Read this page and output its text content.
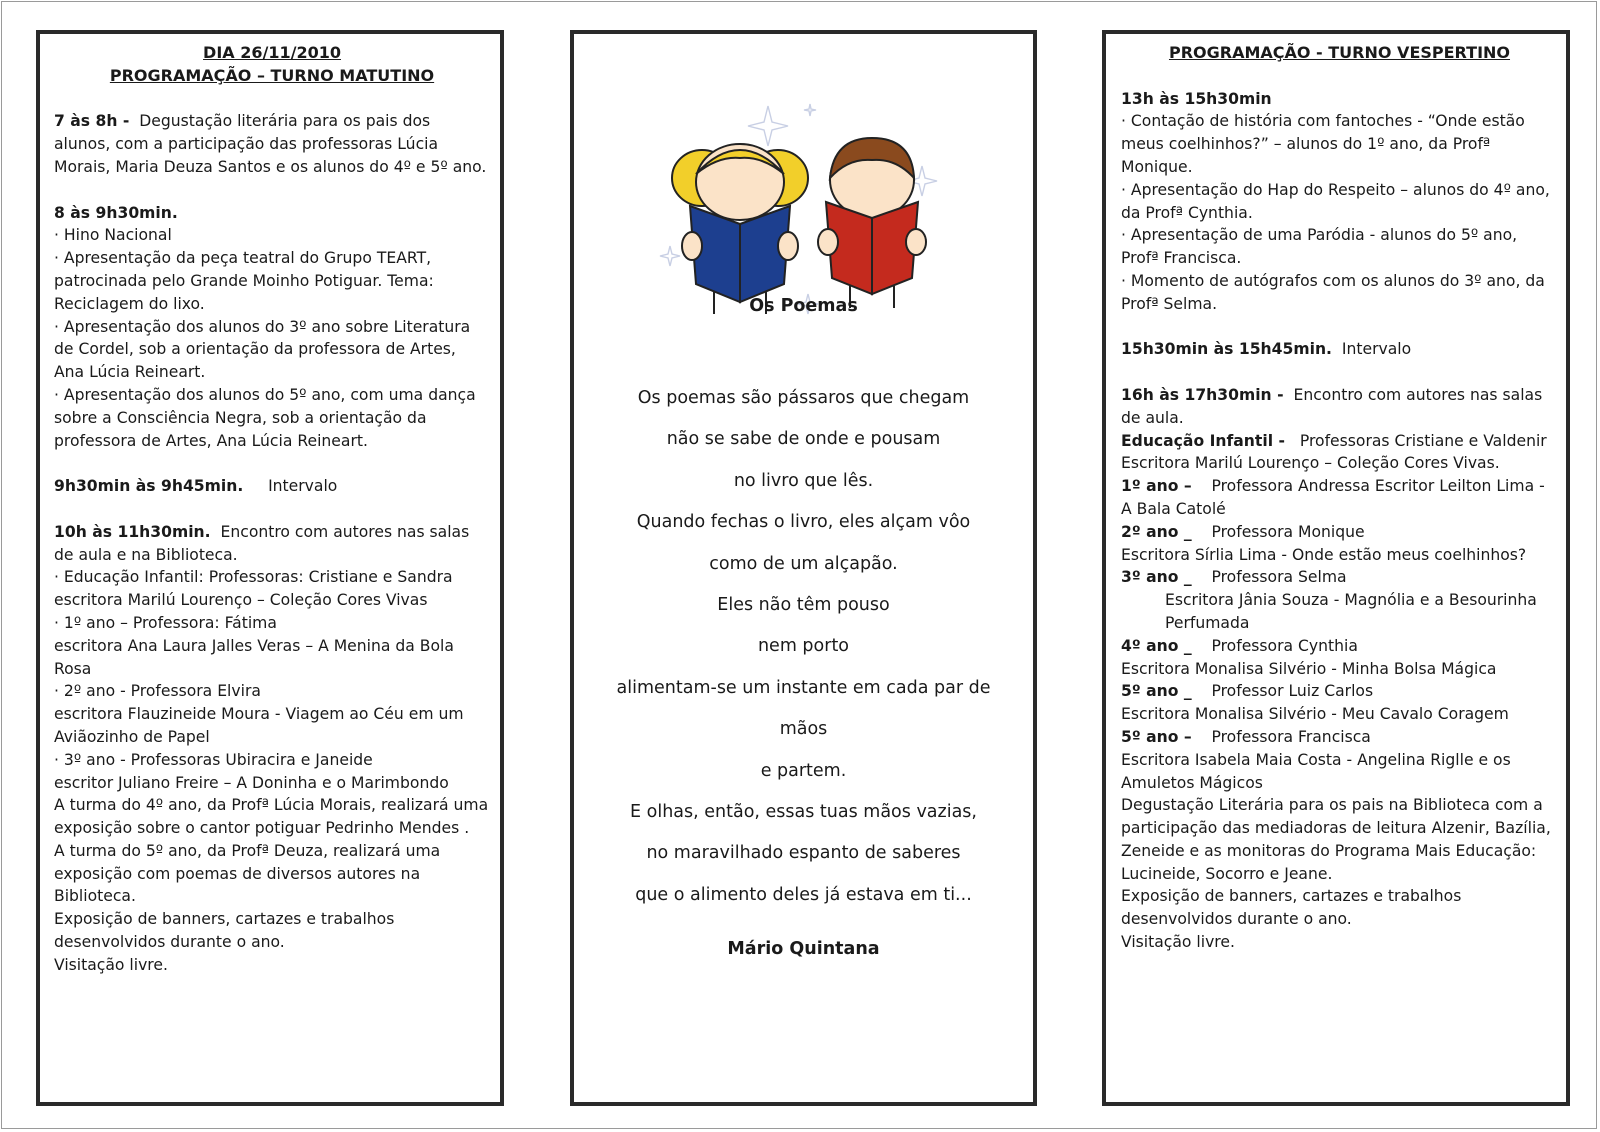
DIA 26/11/2010
PROGRAMAÇÃO – TURNO MATUTINO

7 às 8h - Degustação literária para os pais dos alunos, com a participação das professoras Lúcia Morais, Maria Deuza Santos e os alunos do 4º e 5º ano.

8 às 9h30min.

· Hino Nacional

· Apresentação da peça teatral do Grupo TEART, patrocinada pelo Grande Moinho Potiguar. Tema: Reciclagem do lixo.

· Apresentação dos alunos do 3º ano sobre Literatura de Cordel, sob a orientação da professora de Artes, Ana Lúcia Reineart.

· Apresentação dos alunos do 5º ano, com uma dança sobre a Consciência Negra, sob a orientação da professora de Artes, Ana Lúcia Reineart.

9h30min às 9h45min. Intervalo

10h às 11h30min. Encontro com autores nas salas de aula e na Biblioteca.

· Educação Infantil: Professoras: Cristiane e Sandra

escritora Marilú Lourenço – Coleção Cores Vivas

· 1º ano – Professora: Fátima

escritora Ana Laura Jalles Veras – A Menina da Bola Rosa

· 2º ano - Professora Elvira

escritora Flauzineide Moura - Viagem ao Céu em um Aviãozinho de Papel

· 3º ano - Professoras Ubiracira e Janeide

escritor Juliano Freire – A Doninha e o Marimbondo

A turma do 4º ano, da Profª Lúcia Morais, realizará uma exposição sobre o cantor potiguar Pedrinho Mendes .

A turma do 5º ano, da Profª Deuza, realizará uma exposição com poemas de diversos autores na Biblioteca.

Exposição de banners, cartazes e trabalhos desenvolvidos durante o ano.

Visitação livre.

Os Poemas

Os poemas são pássaros que chegam

não se sabe de onde e pousam

no livro que lês.

Quando fechas o livro, eles alçam vôo

como de um alçapão.

Eles não têm pouso

nem porto

alimentam-se um instante em cada par de

mãos

e partem.

E olhas, então, essas tuas mãos vazias,

no maravilhado espanto de saberes

que o alimento deles já estava em ti...

Mário Quintana
PROGRAMAÇÃO - TURNO VESPERTINO

13h às 15h30min

· Contação de história com fantoches - “Onde estão meus coelhinhos?” – alunos do 1º ano, da Profª Monique.

· Apresentação do Hap do Respeito – alunos do 4º ano, da Profª Cynthia.

· Apresentação de uma Paródia - alunos do 5º ano, Profª Francisca.

· Momento de autógrafos com os alunos do 3º ano, da Profª Selma.

15h30min às 15h45min. Intervalo

16h às 17h30min - Encontro com autores nas salas de aula.

Educação Infantil - Professoras Cristiane e Valdenir

Escritora Marilú Lourenço – Coleção Cores Vivas.

1º ano – Professora Andressa Escritor Leilton Lima - A Bala Catolé

2º ano _ Professora Monique

Escritora Sírlia Lima - Onde estão meus coelhinhos?

3º ano _ Professora Selma

Escritora Jânia Souza - Magnólia e a Besourinha Perfumada

4º ano _ Professora Cynthia

Escritora Monalisa Silvério - Minha Bolsa Mágica

5º ano _ Professor Luiz Carlos

Escritora Monalisa Silvério - Meu Cavalo Coragem

5º ano – Professora Francisca

Escritora Isabela Maia Costa - Angelina Riglle e os Amuletos Mágicos

Degustação Literária para os pais na Biblioteca com a participação das mediadoras de leitura Alzenir, Bazília, Zeneide e as monitoras do Programa Mais Educação: Lucineide, Socorro e Jeane.

Exposição de banners, cartazes e trabalhos desenvolvidos durante o ano.

Visitação livre.
